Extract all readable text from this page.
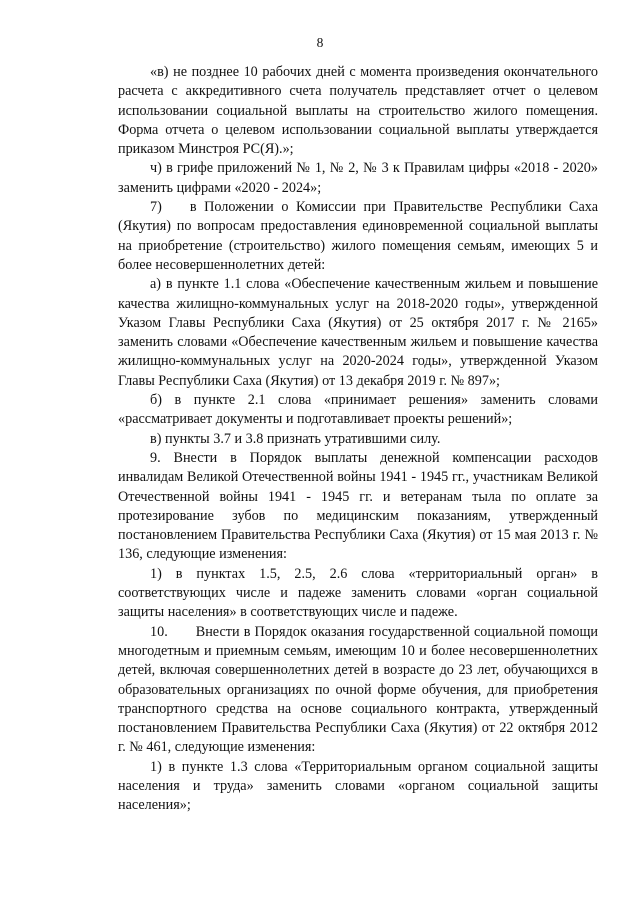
8

«в) не позднее 10 рабочих дней с момента произведения окончательного расчета с аккредитивного счета получатель представляет отчет о целевом использовании социальной выплаты на строительство жилого помещения. Форма отчета о целевом использовании социальной выплаты утверждается приказом Минстроя РС(Я).»;

ч) в грифе приложений № 1, № 2, № 3 к Правилам цифры «2018 - 2020» заменить цифрами «2020 - 2024»;

7) в Положении о Комиссии при Правительстве Республики Саха (Якутия) по вопросам предоставления единовременной социальной выплаты на приобретение (строительство) жилого помещения семьям, имеющих 5 и более несовершеннолетних детей:

а) в пункте 1.1 слова «Обеспечение качественным жильем и повышение качества жилищно-коммунальных услуг на 2018-2020 годы», утвержденной Указом Главы Республики Саха (Якутия) от 25 октября 2017 г. № 2165» заменить словами «Обеспечение качественным жильем и повышение качества жилищно-коммунальных услуг на 2020-2024 годы», утвержденной Указом Главы Республики Саха (Якутия) от 13 декабря 2019 г. № 897»;

б) в пункте 2.1 слова «принимает решения» заменить словами «рассматривает документы и подготавливает проекты решений»;

в) пункты 3.7 и 3.8 признать утратившими силу.

9. Внести в Порядок выплаты денежной компенсации расходов инвалидам Великой Отечественной войны 1941 - 1945 гг., участникам Великой Отечественной войны 1941 - 1945 гг. и ветеранам тыла по оплате за протезирование зубов по медицинским показаниям, утвержденный постановлением Правительства Республики Саха (Якутия) от 15 мая 2013 г. № 136, следующие изменения:

1) в пунктах 1.5, 2.5, 2.6 слова «территориальный орган» в соответствующих числе и падеже заменить словами «орган социальной защиты населения» в соответствующих числе и падеже.

10. Внести в Порядок оказания государственной социальной помощи многодетным и приемным семьям, имеющим 10 и более несовершеннолетних детей, включая совершеннолетних детей в возрасте до 23 лет, обучающихся в образовательных организациях по очной форме обучения, для приобретения транспортного средства на основе социального контракта, утвержденный постановлением Правительства Республики Саха (Якутия) от 22 октября 2012 г. № 461, следующие изменения:

1) в пункте 1.3 слова «Территориальным органом социальной защиты населения и труда» заменить словами «органом социальной защиты населения»;
